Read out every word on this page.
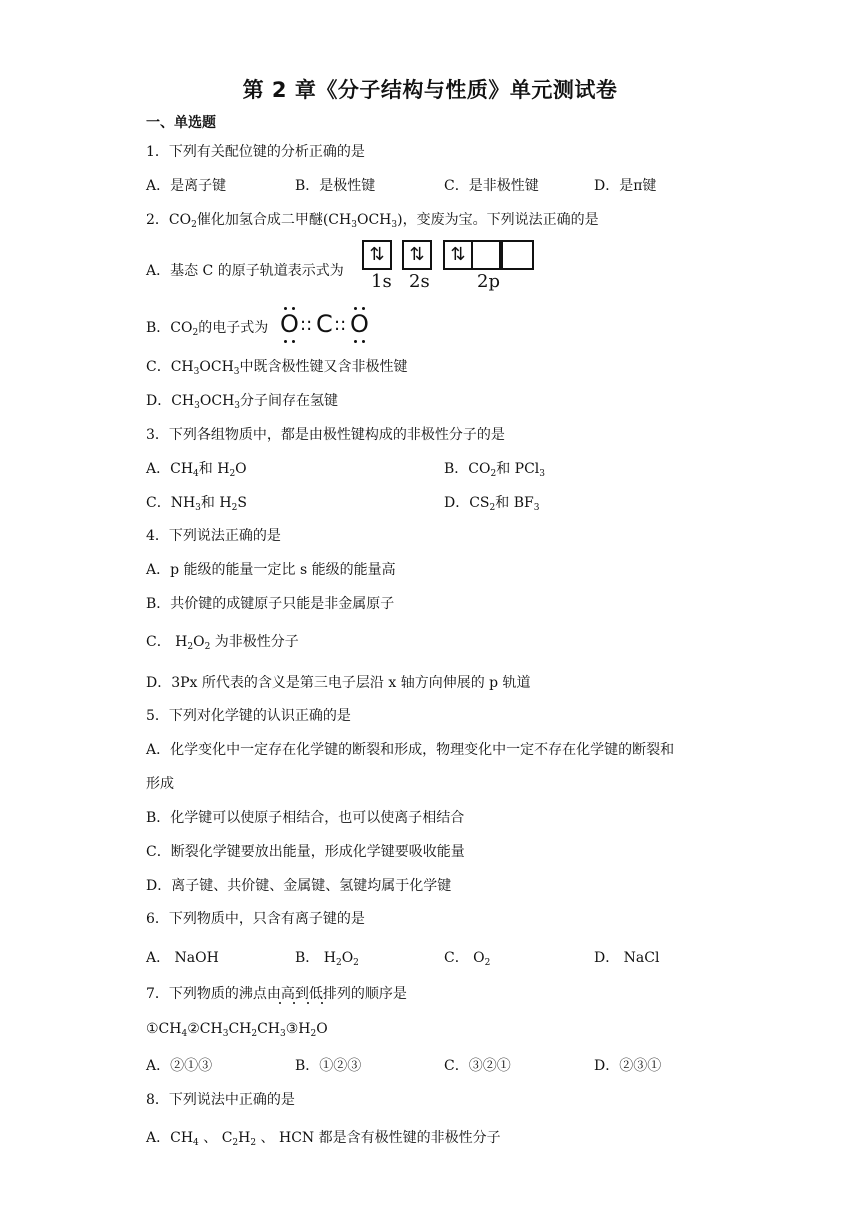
第 2 章《分子结构与性质》单元测试卷
一、单选题
1．下列有关配位键的分析正确的是
A．是离子键	B．是极性键	C．是非极性键	D．是π键
2．$CO_2$催化加氢合成二甲醚$(CH_3OCH_3)$，变废为宝。下列说法正确的是
A．基态 C 的原子轨道表示式为
⇅	⇅	⇅
1s 2s	2p
B．$CO_2$的电子式为 O :: C :: O
C．$CH_3OCH_3$中既含极性键又含非极性键
D．$CH_3OCH_3$分子间存在氢键
3．下列各组物质中，都是由极性键构成的非极性分子的是
A．$CH_4$和 $H_2O$	B．$CO_2$和 PCl$_3$
C．$NH_3$和 $H_2S$	D．$CS_2$和 $BF_3$
4．下列说法正确的是
A．p 能级的能量一定比 s 能级的能量高
B．共价键的成键原子只能是非金属原子
C． $H_2O_2$ 为非极性分子
D．3Px 所代表的含义是第三电子层沿 x 轴方向伸展的 p 轨道
5．下列对化学键的认识正确的是
A．化学变化中一定存在化学键的断裂和形成，物理变化中一定不存在化学键的断裂和
形成
B．化学键可以使原子相结合，也可以使离子相结合
C．断裂化学键要放出能量，形成化学键要吸收能量
D．离子键、共价键、金属键、氢键均属于化学键
6．下列物质中，只含有离子键的是
A． NaOH	B． $H_2O_2$	C． $O_2$	D． NaCl
7．下列物质的沸点由高到低排列的顺序是
$①CH_4②CH_3CH_2CH_3③H_2O$
A．②①③	B．①②③	C．③②①	D．②③①
8．下列说法中正确的是
A．$CH_4$ 、 $C_2H_2$ 、 HCN 都是含有极性键的非极性分子
